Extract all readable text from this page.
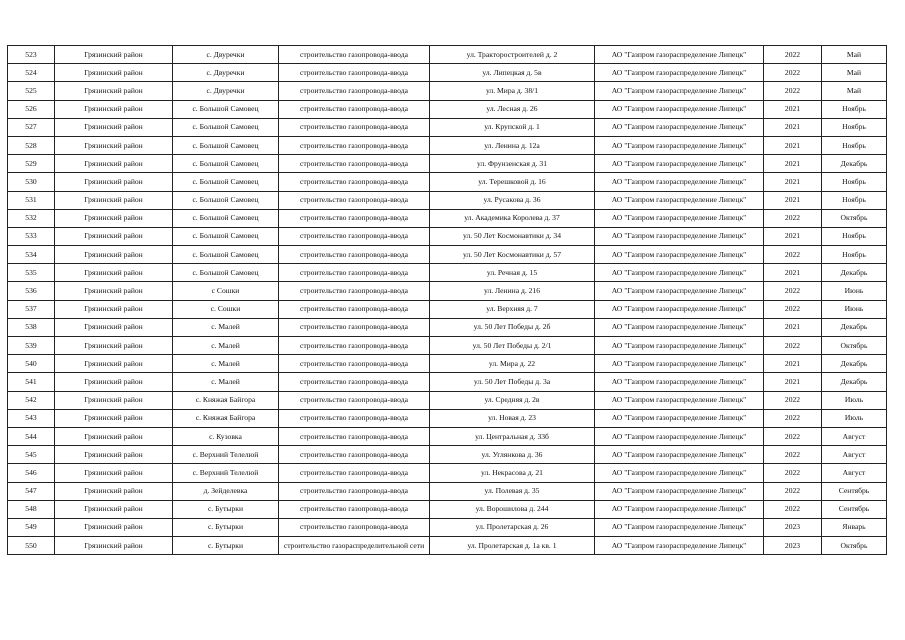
523	Грязинский район	с. Двуречки	строительство газопровода-ввода	ул. Тракторостроителей д. 2	АО "Газпром газораспределение Липецк"	2022	Май
524	Грязинский район	с. Двуречки	строительство газопровода-ввода	ул. Липецкая д. 5в	АО "Газпром газораспределение Липецк"	2022	Май
525	Грязинский район	с. Двуречки	строительство газопровода-ввода	ул. Мира д. 38/1	АО "Газпром газораспределение Липецк"	2022	Май
526	Грязинский район	с. Большой Самовец	строительство газопровода-ввода	ул. Лесная д. 26	АО "Газпром газораспределение Липецк"	2021	Ноябрь
527	Грязинский район	с. Большой Самовец	строительство газопровода-ввода	ул. Крупской д. 1	АО "Газпром газораспределение Липецк"	2021	Ноябрь
528	Грязинский район	с. Большой Самовец	строительство газопровода-ввода	ул. Ленина д. 12а	АО "Газпром газораспределение Липецк"	2021	Ноябрь
529	Грязинский район	с. Большой Самовец	строительство газопровода-ввода	ул. Фрунзенская д. 31	АО "Газпром газораспределение Липецк"	2021	Декабрь
530	Грязинский район	с. Большой Самовец	строительство газопровода-ввода	ул. Терешковой д. 16	АО "Газпром газораспределение Липецк"	2021	Ноябрь
531	Грязинский район	с. Большой Самовец	строительство газопровода-ввода	ул. Русакова д. 36	АО "Газпром газораспределение Липецк"	2021	Ноябрь
532	Грязинский район	с. Большой Самовец	строительство газопровода-ввода	ул. Академика Королева д. 37	АО "Газпром газораспределение Липецк"	2022	Октябрь
533	Грязинский район	с. Большой Самовец	строительство газопровода-ввода	ул. 50 Лет Космонавтики д. 34	АО "Газпром газораспределение Липецк"	2021	Ноябрь
534	Грязинский район	с. Большой Самовец	строительство газопровода-ввода	ул. 50 Лет Космонавтики д. 57	АО "Газпром газораспределение Липецк"	2022	Ноябрь
535	Грязинский район	с. Большой Самовец	строительство газопровода-ввода	ул. Речная д. 15	АО "Газпром газораспределение Липецк"	2021	Декабрь
536	Грязинский район	с Сошки	строительство газопровода-ввода	ул. Ленина д. 216	АО "Газпром газораспределение Липецк"	2022	Июнь
537	Грязинский район	с. Сошки	строительство газопровода-ввода	ул. Верхняя д. 7	АО "Газпром газораспределение Липецк"	2022	Июнь
538	Грязинский район	с. Малей	строительство газопровода-ввода	ул. 50 Лет Победы д. 2б	АО "Газпром газораспределение Липецк"	2021	Декабрь
539	Грязинский район	с. Малей	строительство газопровода-ввода	ул. 50 Лет Победы д. 2/1	АО "Газпром газораспределение Липецк"	2022	Октябрь
540	Грязинский район	с. Малей	строительство газопровода-ввода	ул. Мира д. 22	АО "Газпром газораспределение Липецк"	2021	Декабрь
541	Грязинский район	с. Малей	строительство газопровода-ввода	ул. 50 Лет Победы д. 3а	АО "Газпром газораспределение Липецк"	2021	Декабрь
542	Грязинский район	с. Княжая Байгора	строительство газопровода-ввода	ул. Средняя д. 2в	АО "Газпром газораспределение Липецк"	2022	Июль
543	Грязинский район	с. Княжая Байгора	строительство газопровода-ввода	ул. Новая д. 23	АО "Газпром газораспределение Липецк"	2022	Июль
544	Грязинский район	с. Кузовка	строительство газопровода-ввода	ул. Центральная д. 33б	АО "Газпром газораспределение Липецк"	2022	Август
545	Грязинский район	с. Верхний Телелюй	строительство газопровода-ввода	ул. Углянкова д. 36	АО "Газпром газораспределение Липецк"	2022	Август
546	Грязинский район	с. Верхний Телелюй	строительство газопровода-ввода	ул. Некрасова д. 21	АО "Газпром газораспределение Липецк"	2022	Август
547	Грязинский район	д. Зейделевка	строительство газопровода-ввода	ул. Полевая д. 35	АО "Газпром газораспределение Липецк"	2022	Сентябрь
548	Грязинский район	с. Бутырки	строительство газопровода-ввода	ул. Ворошилова д. 244	АО "Газпром газораспределение Липецк"	2022	Сентябрь
549	Грязинский район	с. Бутырки	строительство газопровода-ввода	ул. Пролетарская д. 26	АО "Газпром газораспределение Липецк"	2023	Январь
550	Грязинский район	с. Бутырки	строительство газораспределительной сети	ул. Пролетарская д. 1а кв. 1	АО "Газпром газораспределение Липецк"	2023	Октябрь
